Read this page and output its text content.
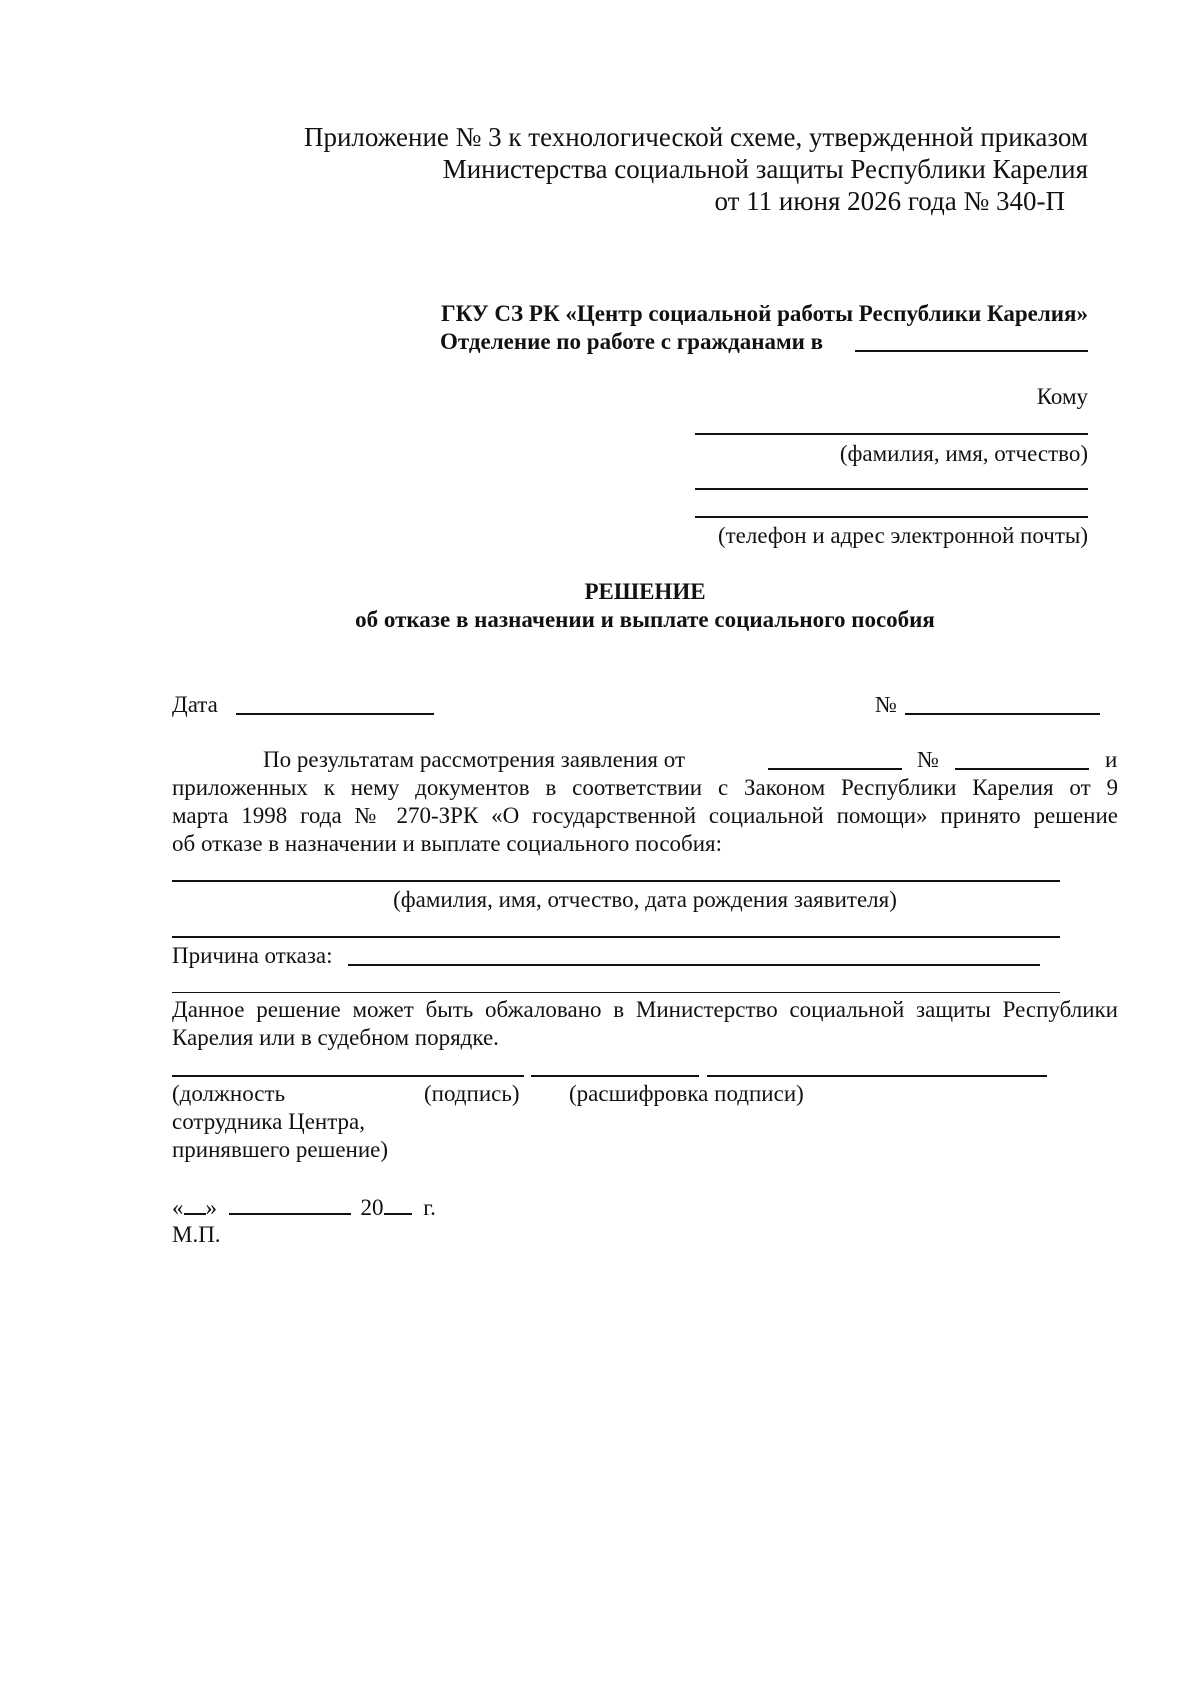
Приложение № 3 к технологической схеме, утвержденной приказом
Министерства социальной защиты Республики Карелия
от 11 июня 2026 года № 340-П
ГКУ СЗ РК «Центр социальной работы Республики Карелия»
Отделение по работе с гражданами в
Кому
(фамилия, имя, отчество)
(телефон и адрес электронной почты)
РЕШЕНИЕ
об отказе в назначении и выплате социального пособия
Дата	№
По результатам рассмотрения заявления от	№	и
приложенных к нему документов в соответствии с Законом Республики Карелия от 9
марта 1998 года № 270-ЗРК «О государственной социальной помощи» принято решение
об отказе в назначении и выплате социального пособия:
(фамилия, имя, отчество, дата рождения заявителя)
Причина отказа:
Данное решение может быть обжаловано в Министерство социальной защиты Республики
Карелия или в судебном порядке.
(должность	(подпись) (расшифровка подписи)
сотрудника Центра,
принявшего решение)
« »	20 г.
М.П.
